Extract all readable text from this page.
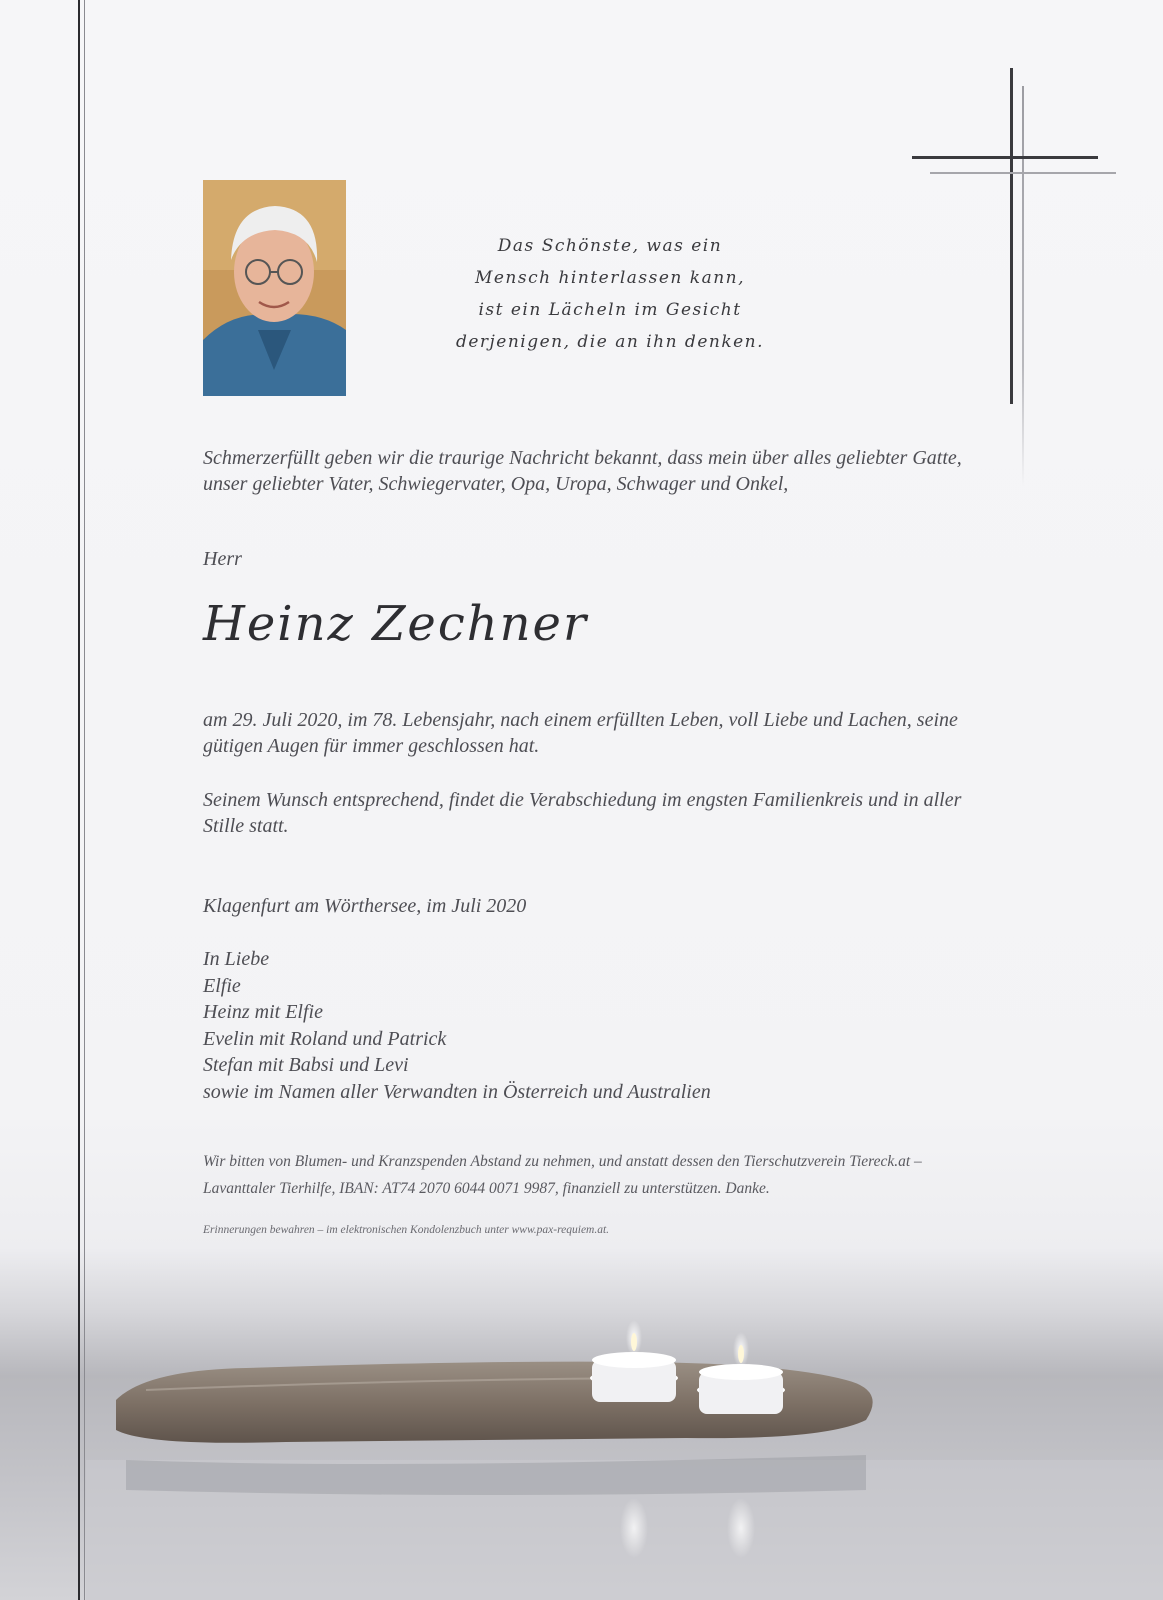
Das Schönste, was ein
Mensch hinterlassen kann,
ist ein Lächeln im Gesicht
derjenigen, die an ihn denken.
Schmerzerfüllt geben wir die traurige Nachricht bekannt, dass mein über alles geliebter Gatte, unser geliebter Vater, Schwiegervater, Opa, Uropa, Schwager und Onkel,
Herr
Heinz Zechner
am 29. Juli 2020, im 78. Lebensjahr, nach einem erfüllten Leben, voll Liebe und Lachen, seine gütigen Augen für immer geschlossen hat.
Seinem Wunsch entsprechend, findet die Verabschiedung im engsten Familienkreis und in aller Stille statt.
Klagenfurt am Wörthersee, im Juli 2020
In Liebe
Elfie
Heinz mit Elfie
Evelin mit Roland und Patrick
Stefan mit Babsi und Levi
sowie im Namen aller Verwandten in Österreich und Australien
Wir bitten von Blumen- und Kranzspenden Abstand zu nehmen, und anstatt dessen den Tierschutzverein Tiereck.at – Lavanttaler Tierhilfe, IBAN: AT74 2070 6044 0071 9987, finanziell zu unterstützen. Danke.
Erinnerungen bewahren – im elektronischen Kondolenzbuch unter www.pax-requiem.at.
